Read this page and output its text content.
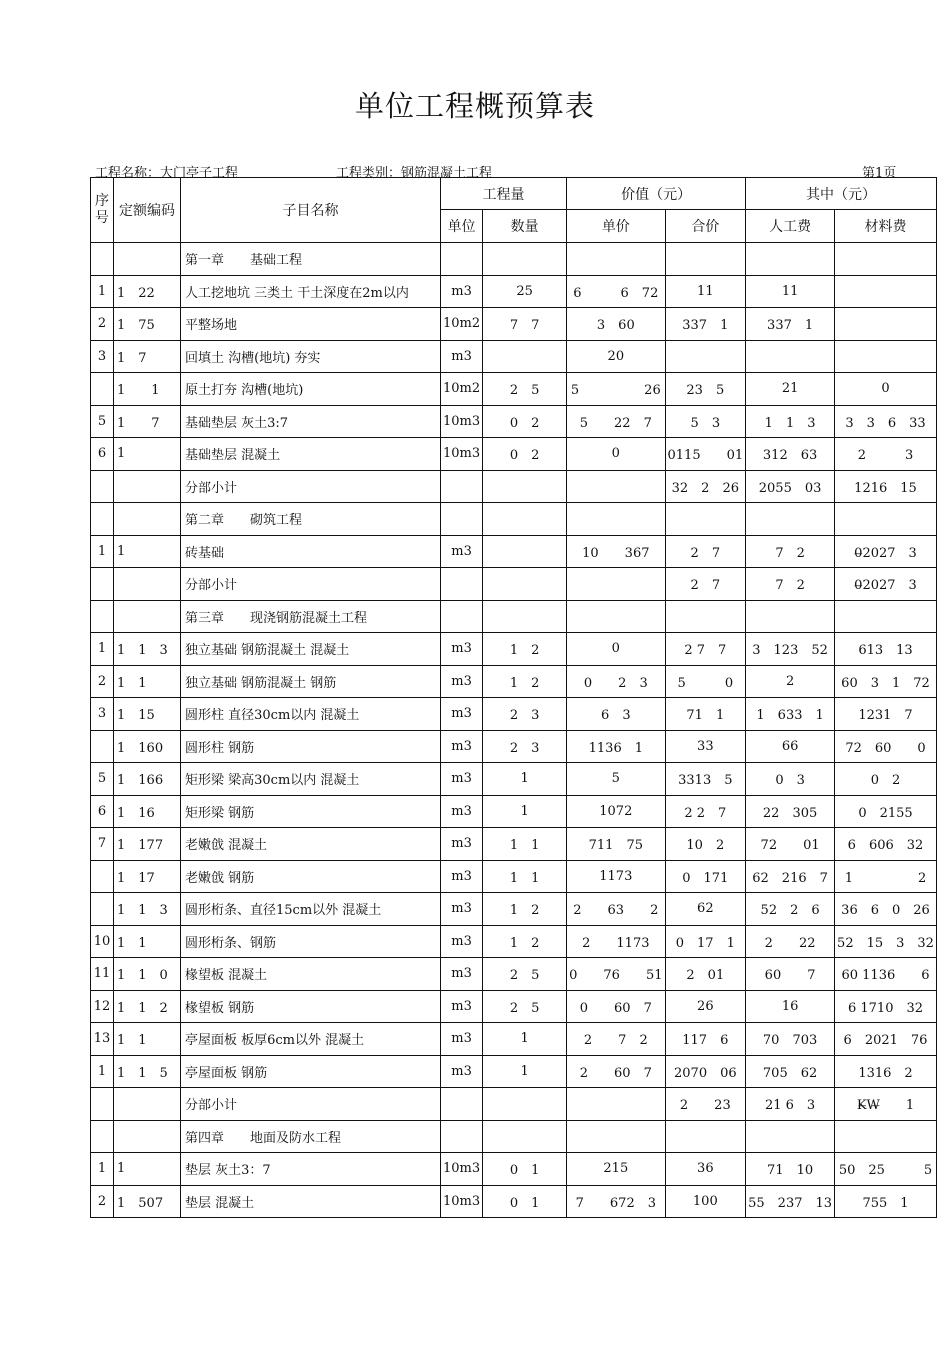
单位工程概预算表
工程名称：大门亭子工程	工程类别：钢筋混凝土工程	第1页
序号	定额编码	子目名称	工程量		价值（元）		其中（元）	
			单位	数量	单价	合价	人工费	材料费
		第一章　　基础工程						
1	1　22	人工挖地坑 三类土 干土深度在2m以内	m3	25	6　　　6　72	11	11	
2	1　75	平整场地	10m2	7　7	3　60	337　1	337　1	
3	1　7	回填土 沟槽(地坑) 夯实	m3		20			
	1　　1	原土打夯 沟槽(地坑)	10m2	2　5	5　　　　　26	23　5	21	0
5	1　　7	基础垫层 灰土3:7	10m3	0　2	5　　22　7	5　3	1　1　3	3　3　6　33
6	1	基础垫层 混凝土	10m3	0　2	0	0115　　01	312　63	2　　　3
		分部小计				32　2　26	2055　03	1216　15
		第二章　　砌筑工程						
1	1	砖基础	m3		10　　367	2　7	7　2	0̶2027　3
		分部小计				2　7	7　2	0̶2027　3
		第三章　　现浇钢筋混凝土工程						
1	1　1　3	独立基础 钢筋混凝土 混凝土	m3	1　2	0	2 7　7	3　123　52	613　13
2	1　1	独立基础 钢筋混凝土 钢筋	m3	1　2	0　　2　3	5　　　0	2	60　3　1　72
3	1　15	圆形柱 直径30cm以内 混凝土	m3	2　3	6　3	71　1	1　633　1	1231　7
	1　160	圆形柱 钢筋	m3	2　3	1136　1	33	66	72　60　　0
5	1　166	矩形梁 梁高30cm以内 混凝土	m3	1	5	3313　5	0　3	0　2
6	1　16	矩形梁 钢筋	m3	1	1072	2 2　7	22　305	0　2155
7	1　177	老嫩戗 混凝土	m3	1　1	711　75	10　2	72　　01	6　606　32
	1　17	老嫩戗 钢筋	m3	1　1	1173	0　171	62　216　7	1　　　　　2
	1　1　3	圆形桁条、直径15cm以外 混凝土	m3	1　2	2　　63　　2	62	52　2　6	36　6　0　26
10	1　1	圆形桁条、钢筋	m3	1　2	2　　1173	0　17　1	2　　22	52　15　3　32
11	1　1　0	椽望板 混凝土	m3	2　5	0　　76　　51	2　01	60　　7	60 1136　　6
12	1　1　2	椽望板 钢筋	m3	2　5	0　　60　7	26	16	6 1710　32
13	1　1	亭屋面板 板厚6cm以外 混凝土	m3	1	2　　7　2	117　6	70　703	6　2021　76
1	1　1　5	亭屋面板 钢筋	m3	1	2　　60　7	2070　06	705　62	1316　2
		分部小计				2　　23	21 6　3	K̶W̶　　1
		第四章　　地面及防水工程						
1	1	垫层 灰土3：7	10m3	0　1	215	36	71　10	50　25　　　5
2	1　507	垫层 混凝土	10m3	0　1	7　　672　3	100	55　237　13	755　1
